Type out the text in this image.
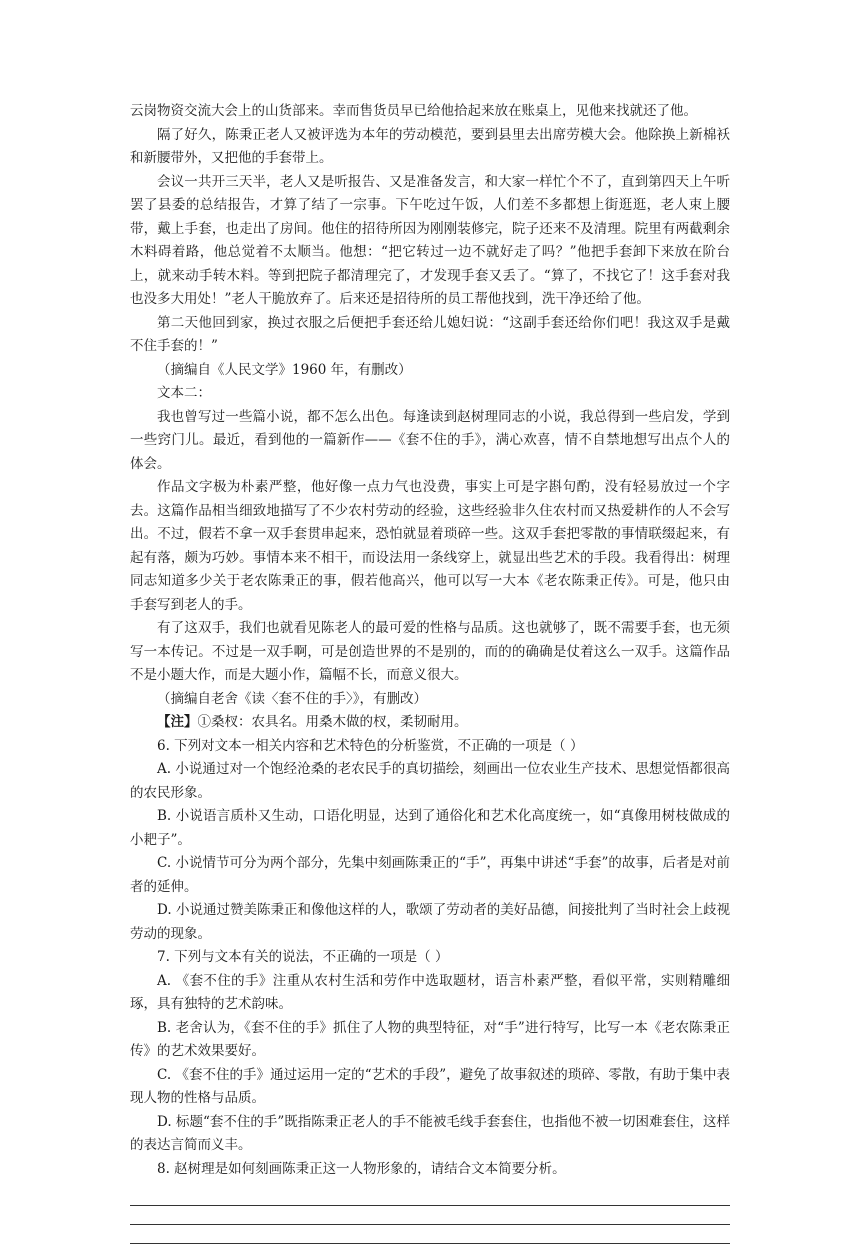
云岗物资交流大会上的山货部来。幸而售货员早已给他拾起来放在账桌上，见他来找就还了他。

隔了好久，陈秉正老人又被评选为本年的劳动模范，要到县里去出席劳模大会。他除换上新棉袄和新腰带外，又把他的手套带上。

会议一共开三天半，老人又是听报告、又是准备发言，和大家一样忙个不了，直到第四天上午听罢了县委的总结报告，才算了结了一宗事。下午吃过午饭，人们差不多都想上街逛逛，老人束上腰带，戴上手套，也走出了房间。他住的招待所因为刚刚装修完，院子还来不及清理。院里有两截剩余木料碍着路，他总觉着不太顺当。他想：“把它转过一边不就好走了吗？”他把手套卸下来放在阶台上，就来动手转木料。等到把院子都清理完了，才发现手套又丢了。“算了，不找它了！这手套对我也没多大用处！”老人干脆放弃了。后来还是招待所的员工帮他找到，洗干净还给了他。

第二天他回到家，换过衣服之后便把手套还给儿媳妇说：“这副手套还给你们吧！我这双手是戴不住手套的！”

（摘编自《人民文学》1960 年，有删改）

文本二：

我也曾写过一些篇小说，都不怎么出色。每逢读到赵树理同志的小说，我总得到一些启发，学到一些窍门儿。最近，看到他的一篇新作——《套不住的手》，满心欢喜，情不自禁地想写出点个人的体会。

作品文字极为朴素严整，他好像一点力气也没费，事实上可是字斟句酌，没有轻易放过一个字去。这篇作品相当细致地描写了不少农村劳动的经验，这些经验非久住农村而又热爱耕作的人不会写出。不过，假若不拿一双手套贯串起来，恐怕就显着琐碎一些。这双手套把零散的事情联缀起来，有起有落，颇为巧妙。事情本来不相干，而设法用一条线穿上，就显出些艺术的手段。我看得出：树理同志知道多少关于老农陈秉正的事，假若他高兴，他可以写一大本《老农陈秉正传》。可是，他只由手套写到老人的手。

有了这双手，我们也就看见陈老人的最可爱的性格与品质。这也就够了，既不需要手套，也无须写一本传记。不过是一双手啊，可是创造世界的不是别的，而的的确确是仗着这么一双手。这篇作品不是小题大作，而是大题小作，篇幅不长，而意义很大。

（摘编自老舍《读〈套不住的手〉》，有删改）

【注】①桑杈：农具名。用桑木做的杈，柔韧耐用。

6. 下列对文本一相关内容和艺术特色的分析鉴赏，不正确的一项是（ ）

A. 小说通过对一个饱经沧桑的老农民手的真切描绘，刻画出一位农业生产技术、思想觉悟都很高的农民形象。

B. 小说语言质朴又生动，口语化明显，达到了通俗化和艺术化高度统一，如“真像用树枝做成的小耙子”。

C. 小说情节可分为两个部分，先集中刻画陈秉正的“手”，再集中讲述“手套”的故事，后者是对前者的延伸。

D. 小说通过赞美陈秉正和像他这样的人，歌颂了劳动者的美好品德，间接批判了当时社会上歧视劳动的现象。

7. 下列与文本有关的说法，不正确的一项是（ ）

A. 《套不住的手》注重从农村生活和劳作中选取题材，语言朴素严整，看似平常，实则精雕细琢，具有独特的艺术韵味。

B. 老舍认为，《套不住的手》抓住了人物的典型特征，对“手”进行特写，比写一本《老农陈秉正传》的艺术效果要好。

C. 《套不住的手》通过运用一定的“艺术的手段”，避免了故事叙述的琐碎、零散，有助于集中表现人物的性格与品质。

D. 标题“套不住的手”既指陈秉正老人的手不能被毛线手套套住，也指他不被一切困难套住，这样的表达言简而义丰。

8. 赵树理是如何刻画陈秉正这一人物形象的，请结合文本简要分析。
